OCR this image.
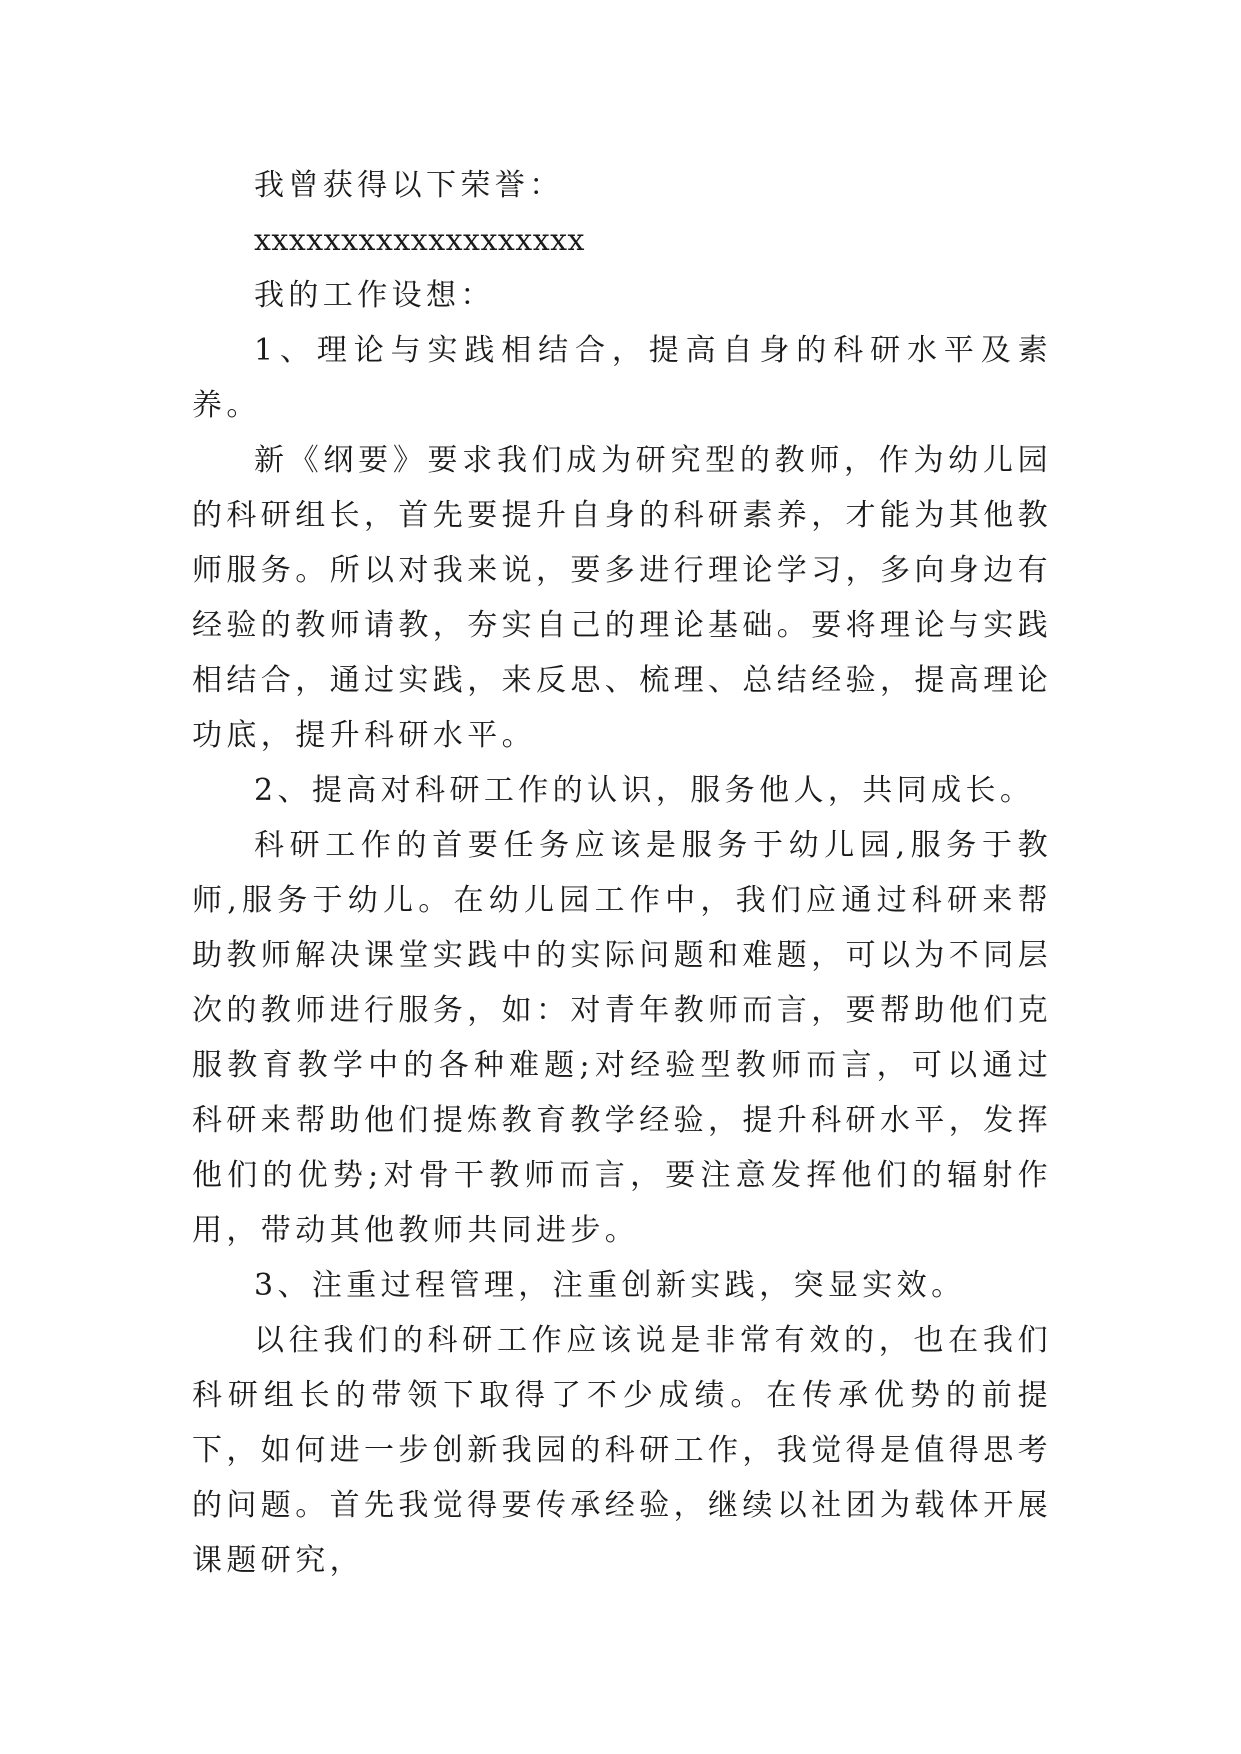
我曾获得以下荣誉：

xxxxxxxxxxxxxxxxxxx

我的工作设想：

1、理论与实践相结合，提高自身的科研水平及素养。

新《纲要》要求我们成为研究型的教师，作为幼儿园的科研组长，首先要提升自身的科研素养，才能为其他教师服务。所以对我来说，要多进行理论学习，多向身边有经验的教师请教，夯实自己的理论基础。要将理论与实践相结合，通过实践，来反思、梳理、总结经验，提高理论功底，提升科研水平。

2、提高对科研工作的认识，服务他人，共同成长。

科研工作的首要任务应该是服务于幼儿园,服务于教师,服务于幼儿。在幼儿园工作中，我们应通过科研来帮助教师解决课堂实践中的实际问题和难题，可以为不同层次的教师进行服务，如：对青年教师而言，要帮助他们克服教育教学中的各种难题;对经验型教师而言，可以通过科研来帮助他们提炼教育教学经验，提升科研水平，发挥他们的优势;对骨干教师而言，要注意发挥他们的辐射作用，带动其他教师共同进步。

3、注重过程管理，注重创新实践，突显实效。

以往我们的科研工作应该说是非常有效的，也在我们科研组长的带领下取得了不少成绩。在传承优势的前提下，如何进一步创新我园的科研工作，我觉得是值得思考的问题。首先我觉得要传承经验，继续以社团为载体开展课题研究，
